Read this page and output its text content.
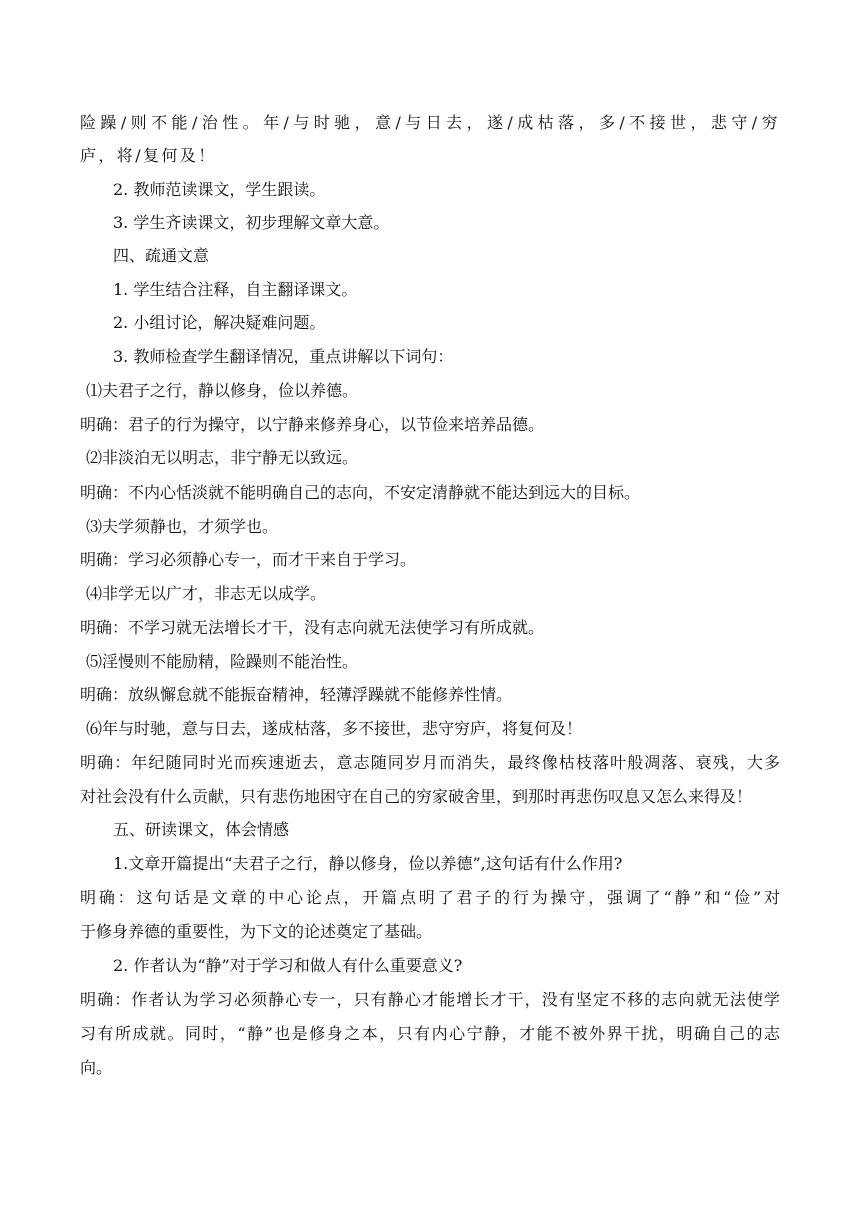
险躁/则不能/治性。年/与时驰，意/与日去，遂/成枯落，多/不接世，悲守/穷
庐，将/复何及！
2. 教师范读课文，学生跟读。
3. 学生齐读课文，初步理解文章大意。
四、疏通文意
1. 学生结合注释，自主翻译课文。
2. 小组讨论，解决疑难问题。
3. 教师检查学生翻译情况，重点讲解以下词句：
⑴夫君子之行，静以修身，俭以养德。
明确：君子的行为操守，以宁静来修养身心，以节俭来培养品德。
⑵非淡泊无以明志，非宁静无以致远。
明确：不内心恬淡就不能明确自己的志向，不安定清静就不能达到远大的目标。
⑶夫学须静也，才须学也。
明确：学习必须静心专一，而才干来自于学习。
⑷非学无以广才，非志无以成学。
明确：不学习就无法增长才干，没有志向就无法使学习有所成就。
⑸淫慢则不能励精，险躁则不能治性。
明确：放纵懈怠就不能振奋精神，轻薄浮躁就不能修养性情。
⑹年与时驰，意与日去，遂成枯落，多不接世，悲守穷庐，将复何及！
明确：年纪随同时光而疾速逝去，意志随同岁月而消失，最终像枯枝落叶般凋落、衰残，大多
对社会没有什么贡献，只有悲伤地困守在自己的穷家破舍里，到那时再悲伤叹息又怎么来得及！
五、研读课文，体会情感
1.文章开篇提出“夫君子之行，静以修身，俭以养德”,这句话有什么作用?
明确：这句话是文章的中心论点，开篇点明了君子的行为操守，强调了“静”和“俭”对
于修身养德的重要性，为下文的论述奠定了基础。
2. 作者认为“静”对于学习和做人有什么重要意义?
明确：作者认为学习必须静心专一，只有静心才能增长才干，没有坚定不移的志向就无法使学
习有所成就。同时，“静”也是修身之本，只有内心宁静，才能不被外界干扰，明确自己的志
向。
